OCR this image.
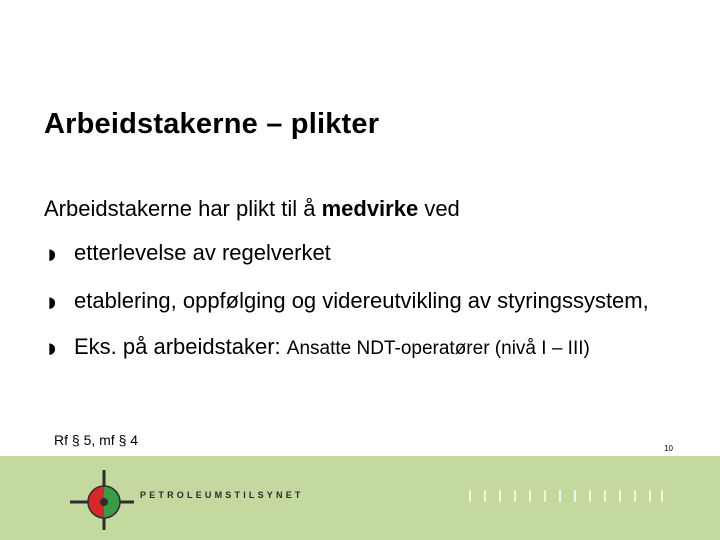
Arbeidstakerne – plikter
Arbeidstakerne har plikt til å medvirke ved
◗ etterlevelse av regelverket
◗ etablering, oppfølging og videreutvikling av styringssystem,
◗ Eks. på arbeidstaker: Ansatte NDT-operatører (nivå I – III)
Rf § 5, mf § 4
10
PETROLEUMSTILSYNET
